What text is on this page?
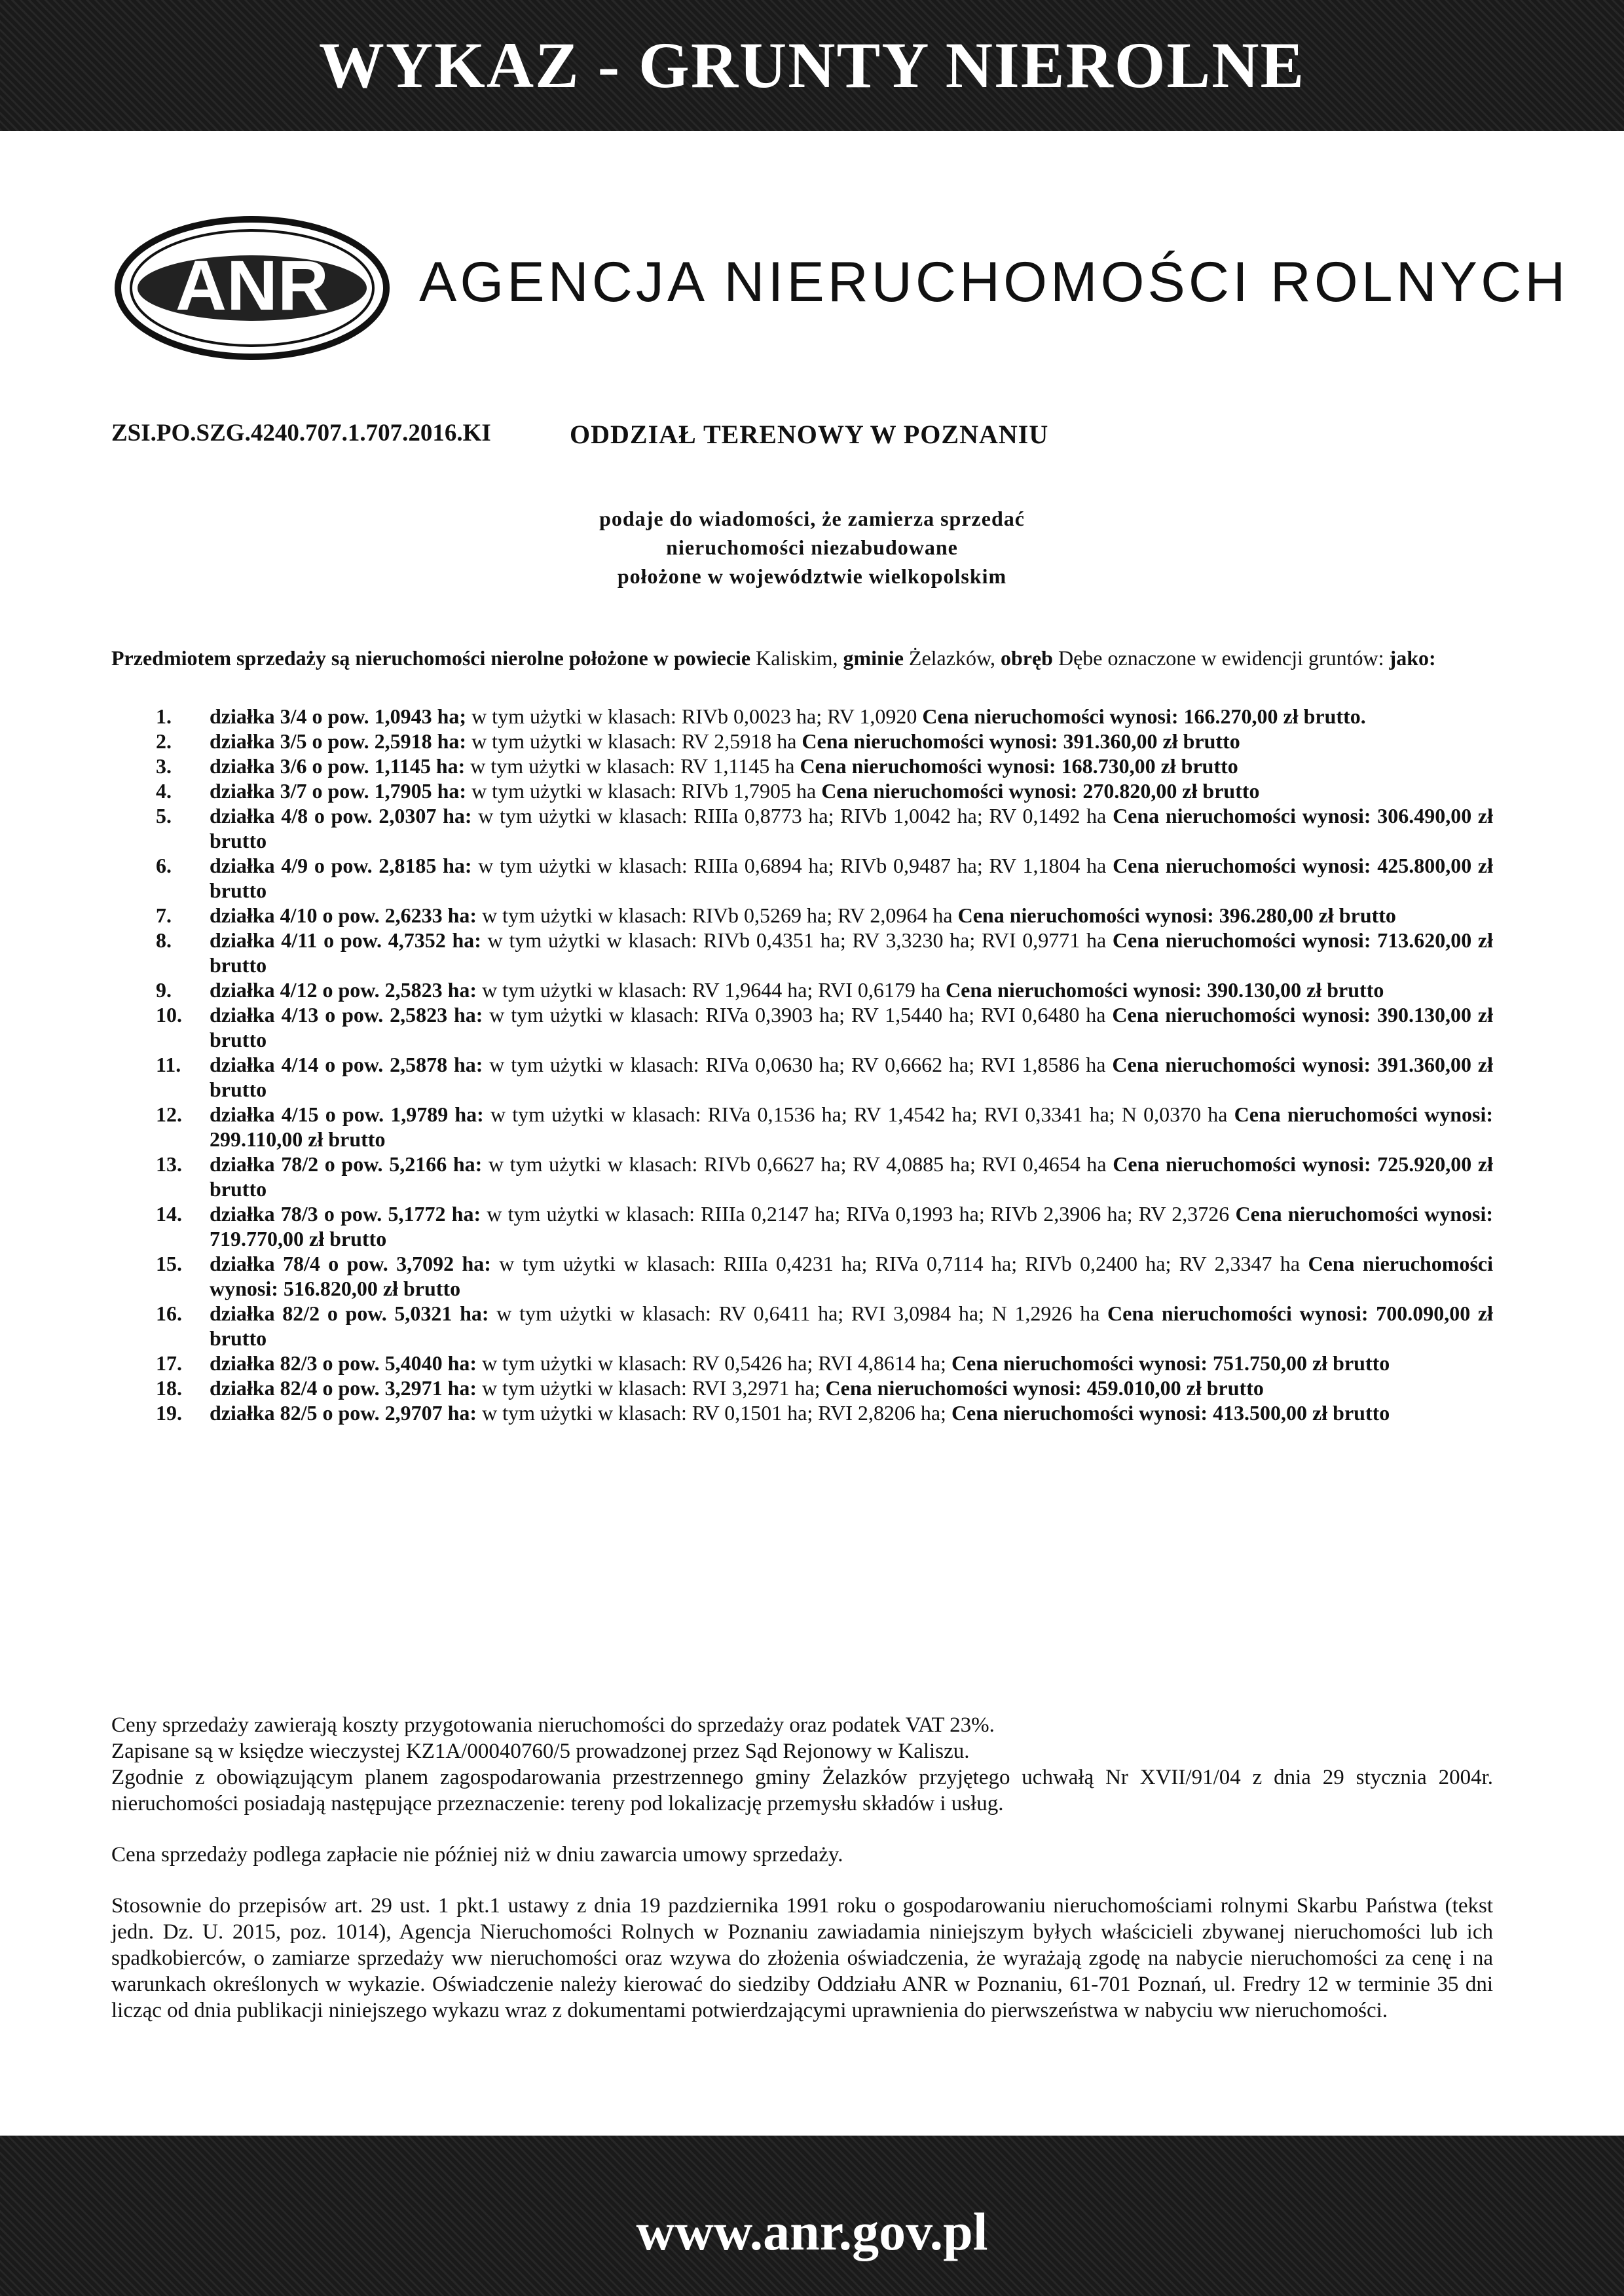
WYKAZ - GRUNTY NIEROLNE
ANR AGENCJA NIERUCHOMOŚCI ROLNYCH
ZSI.PO.SZG.4240.707.1.707.2016.KI	ODDZIAŁ TERENOWY W POZNANIU
podaje do wiadomości, że zamierza sprzedać
nieruchomości niezabudowane
położone w województwie wielkopolskim
Przedmiotem sprzedaży są nieruchomości nierolne położone w powiecie Kaliskim, gminie Żelazków, obręb Dębe oznaczone w ewidencji gruntów: jako:
1. działka 3/4 o pow. 1,0943 ha; w tym użytki w klasach: RIVb 0,0023 ha; RV 1,0920 Cena nieruchomości wynosi: 166.270,00 zł brutto.
2. działka 3/5 o pow. 2,5918 ha: w tym użytki w klasach: RV 2,5918 ha Cena nieruchomości wynosi: 391.360,00 zł brutto
3. działka 3/6 o pow. 1,1145 ha: w tym użytki w klasach: RV 1,1145 ha Cena nieruchomości wynosi: 168.730,00 zł brutto
4. działka 3/7 o pow. 1,7905 ha: w tym użytki w klasach: RIVb 1,7905 ha Cena nieruchomości wynosi: 270.820,00 zł brutto
5. działka 4/8 o pow. 2,0307 ha: w tym użytki w klasach: RIIIa 0,8773 ha; RIVb 1,0042 ha; RV 0,1492 ha Cena nieruchomości wynosi: 306.490,00 zł brutto
6. działka 4/9 o pow. 2,8185 ha: w tym użytki w klasach: RIIIa 0,6894 ha; RIVb 0,9487 ha; RV 1,1804 ha Cena nieruchomości wynosi: 425.800,00 zł brutto
7. działka 4/10 o pow. 2,6233 ha: w tym użytki w klasach: RIVb 0,5269 ha; RV 2,0964 ha Cena nieruchomości wynosi: 396.280,00 zł brutto
8. działka 4/11 o pow. 4,7352 ha: w tym użytki w klasach: RIVb 0,4351 ha; RV 3,3230 ha; RVI 0,9771 ha Cena nieruchomości wynosi: 713.620,00 zł brutto
9. działka 4/12 o pow. 2,5823 ha: w tym użytki w klasach: RV 1,9644 ha; RVI 0,6179 ha Cena nieruchomości wynosi: 390.130,00 zł brutto
10. działka 4/13 o pow. 2,5823 ha: w tym użytki w klasach: RIVa 0,3903 ha; RV 1,5440 ha; RVI 0,6480 ha Cena nieruchomości wynosi: 390.130,00 zł brutto
11. działka 4/14 o pow. 2,5878 ha: w tym użytki w klasach: RIVa 0,0630 ha; RV 0,6662 ha; RVI 1,8586 ha Cena nieruchomości wynosi: 391.360,00 zł brutto
12. działka 4/15 o pow. 1,9789 ha: w tym użytki w klasach: RIVa 0,1536 ha; RV 1,4542 ha; RVI 0,3341 ha; N 0,0370 ha Cena nieruchomości wynosi: 299.110,00 zł brutto
13. działka 78/2 o pow. 5,2166 ha: w tym użytki w klasach: RIVb 0,6627 ha; RV 4,0885 ha; RVI 0,4654 ha Cena nieruchomości wynosi: 725.920,00 zł brutto
14. działka 78/3 o pow. 5,1772 ha: w tym użytki w klasach: RIIIa 0,2147 ha; RIVa 0,1993 ha; RIVb 2,3906 ha; RV 2,3726 Cena nieruchomości wynosi: 719.770,00 zł brutto
15. działka 78/4 o pow. 3,7092 ha: w tym użytki w klasach: RIIIa 0,4231 ha; RIVa 0,7114 ha; RIVb 0,2400 ha; RV 2,3347 ha Cena nieruchomości wynosi: 516.820,00 zł brutto
16. działka 82/2 o pow. 5,0321 ha: w tym użytki w klasach: RV 0,6411 ha; RVI 3,0984 ha; N 1,2926 ha Cena nieruchomości wynosi: 700.090,00 zł brutto
17. działka 82/3 o pow. 5,4040 ha: w tym użytki w klasach: RV 0,5426 ha; RVI 4,8614 ha; Cena nieruchomości wynosi: 751.750,00 zł brutto
18. działka 82/4 o pow. 3,2971 ha: w tym użytki w klasach: RVI 3,2971 ha; Cena nieruchomości wynosi: 459.010,00 zł brutto
19. działka 82/5 o pow. 2,9707 ha: w tym użytki w klasach: RV 0,1501 ha; RVI 2,8206 ha; Cena nieruchomości wynosi: 413.500,00 zł brutto

Ceny sprzedaży zawierają koszty przygotowania nieruchomości do sprzedaży oraz podatek VAT 23%.

Zapisane są w księdze wieczystej KZ1A/00040760/5 prowadzonej przez Sąd Rejonowy w Kaliszu.

Zgodnie z obowiązującym planem zagospodarowania przestrzennego gminy Żelazków przyjętego uchwałą Nr XVII/91/04 z dnia 29 stycznia 2004r. nieruchomości posiadają następujące przeznaczenie: tereny pod lokalizację przemysłu składów i usług.

Cena sprzedaży podlega zapłacie nie później niż w dniu zawarcia umowy sprzedaży.

Stosownie do przepisów art. 29 ust. 1 pkt.1 ustawy z dnia 19 pazdziernika 1991 roku o gospodarowaniu nieruchomościami rolnymi Skarbu Państwa (tekst jedn. Dz. U. 2015, poz. 1014), Agencja Nieruchomości Rolnych w Poznaniu zawiadamia niniejszym byłych właścicieli zbywanej nieruchomości lub ich spadkobierców, o zamiarze sprzedaży ww nieruchomości oraz wzywa do złożenia oświadczenia, że wyrażają zgodę na nabycie nieruchomości za cenę i na warunkach określonych w wykazie. Oświadczenie należy kierować do siedziby Oddziału ANR w Poznaniu, 61-701 Poznań, ul. Fredry 12 w terminie 35 dni licząc od dnia publikacji niniejszego wykazu wraz z dokumentami potwierdzającymi uprawnienia do pierwszeństwa w nabyciu ww nieruchomości.

www.anr.gov.pl
